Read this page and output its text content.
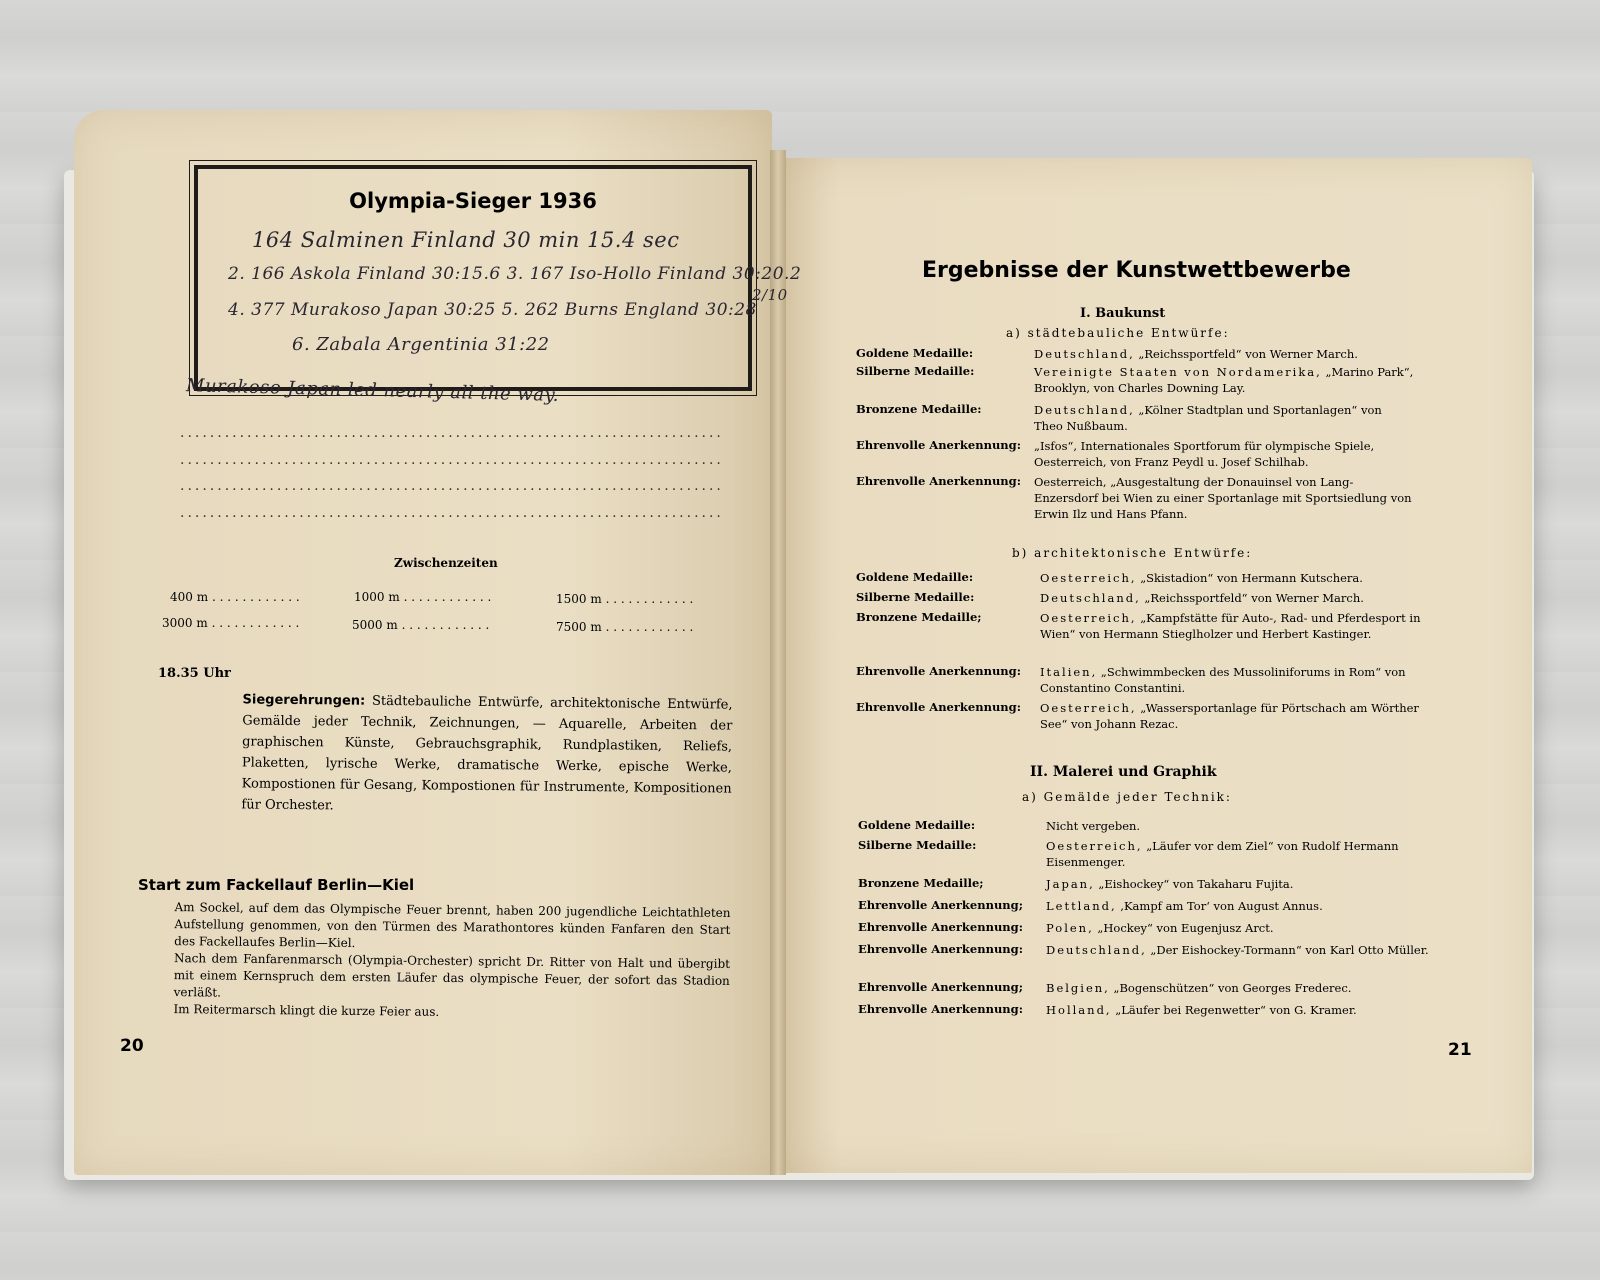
Olympia-Sieger 1936
164 Salminen Finland 30 min 15.4 sec
2. 166 Askola Finland 30:15.6 3. 167 Iso-Hollo Finland 30:20.2
4. 377 Murakoso Japan 30:25 5. 262 Burns England 30:28
6. Zabala Argentinia 31:22
Murakoso Japan led nearly all the way.
2/10
.........................................................................
.........................................................................
.........................................................................
.........................................................................
Zwischenzeiten
400 m . . . . . . . . . . . .	1000 m . . . . . . . . . . . .	1500 m . . . . . . . . . . . .
3000 m . . . . . . . . . . . .	5000 m . . . . . . . . . . . .	7500 m . . . . . . . . . . . .
18.35 Uhr
Siegerehrungen: Städtebauliche Entwürfe, architektonische Entwürfe, Gemälde jeder Technik, Zeichnungen, — Aquarelle, Arbeiten der graphischen Künste, Gebrauchsgraphik, Rundplastiken, Reliefs, Plaketten, lyrische Werke, dramatische Werke, epische Werke, Kompostionen für Gesang, Kompostionen für Instrumente, Kompositionen für Orchester.
Start zum Fackellauf Berlin—Kiel
Am Sockel, auf dem das Olympische Feuer brennt, haben 200 jugendliche Leichtathleten Aufstellung genommen, von den Türmen des Marathontores künden Fanfaren den Start des Fackellaufes Berlin—Kiel.
Nach dem Fanfarenmarsch (Olympia-Orchester) spricht Dr. Ritter von Halt und übergibt mit einem Kernspruch dem ersten Läufer das olympische Feuer, der sofort das Stadion verläßt.
Im Reitermarsch klingt die kurze Feier aus.
20
Ergebnisse der Kunstwettbewerbe
I. Baukunst
a) städtebauliche Entwürfe:
Goldene Medaille:	Deutschland, „Reichssportfeld“ von Werner March.
Silberne Medaille:	Vereinigte Staaten von Nordamerika, „Marino Park“, Brooklyn, von Charles Downing Lay.
Bronzene Medaille:	Deutschland, „Kölner Stadtplan und Sportanlagen“ von Theo Nußbaum.
Ehrenvolle Anerkennung: „Isfos“, Internationales Sportforum für olympische Spiele, Oesterreich, von Franz Peydl u. Josef Schilhab.
Ehrenvolle Anerkennung: Oesterreich, „Ausgestaltung der Donauinsel von Lang-Enzersdorf bei Wien zu einer Sportanlage mit Sportsiedlung von Erwin Ilz und Hans Pfann.
b) architektonische Entwürfe:
Goldene Medaille:	Oesterreich, „Skistadion“ von Hermann Kutschera.
Silberne Medaille:	Deutschland, „Reichssportfeld“ von Werner March.
Bronzene Medaille;	Oesterreich, „Kampfstätte für Auto-, Rad- und Pferdesport in Wien“ von Hermann Stieglholzer und Herbert Kastinger.
Ehrenvolle Anerkennung: Italien, „Schwimmbecken des Mussoliniforums in Rom“ von Constantino Constantini.
Ehrenvolle Anerkennung: Oesterreich, „Wassersportanlage für Pörtschach am Wörther See“ von Johann Rezac.
II. Malerei und Graphik
a) Gemälde jeder Technik:
Goldene Medaille:	Nicht vergeben.
Silberne Medaille:	Oesterreich, „Läufer vor dem Ziel“ von Rudolf Hermann Eisenmenger.
Bronzene Medaille;	Japan, „Eishockey“ von Takaharu Fujita.
Ehrenvolle Anerkennung; Lettland, ‚Kampf am Tor‘ von August Annus.
Ehrenvolle Anerkennung: Polen, „Hockey“ von Eugenjusz Arct.
Ehrenvolle Anerkennung: Deutschland, „Der Eishockey-Tormann“ von Karl Otto Müller.
Ehrenvolle Anerkennung; Belgien, „Bogenschützen“ von Georges Frederec.
Ehrenvolle Anerkennung: Holland, „Läufer bei Regenwetter“ von G. Kramer.
21
